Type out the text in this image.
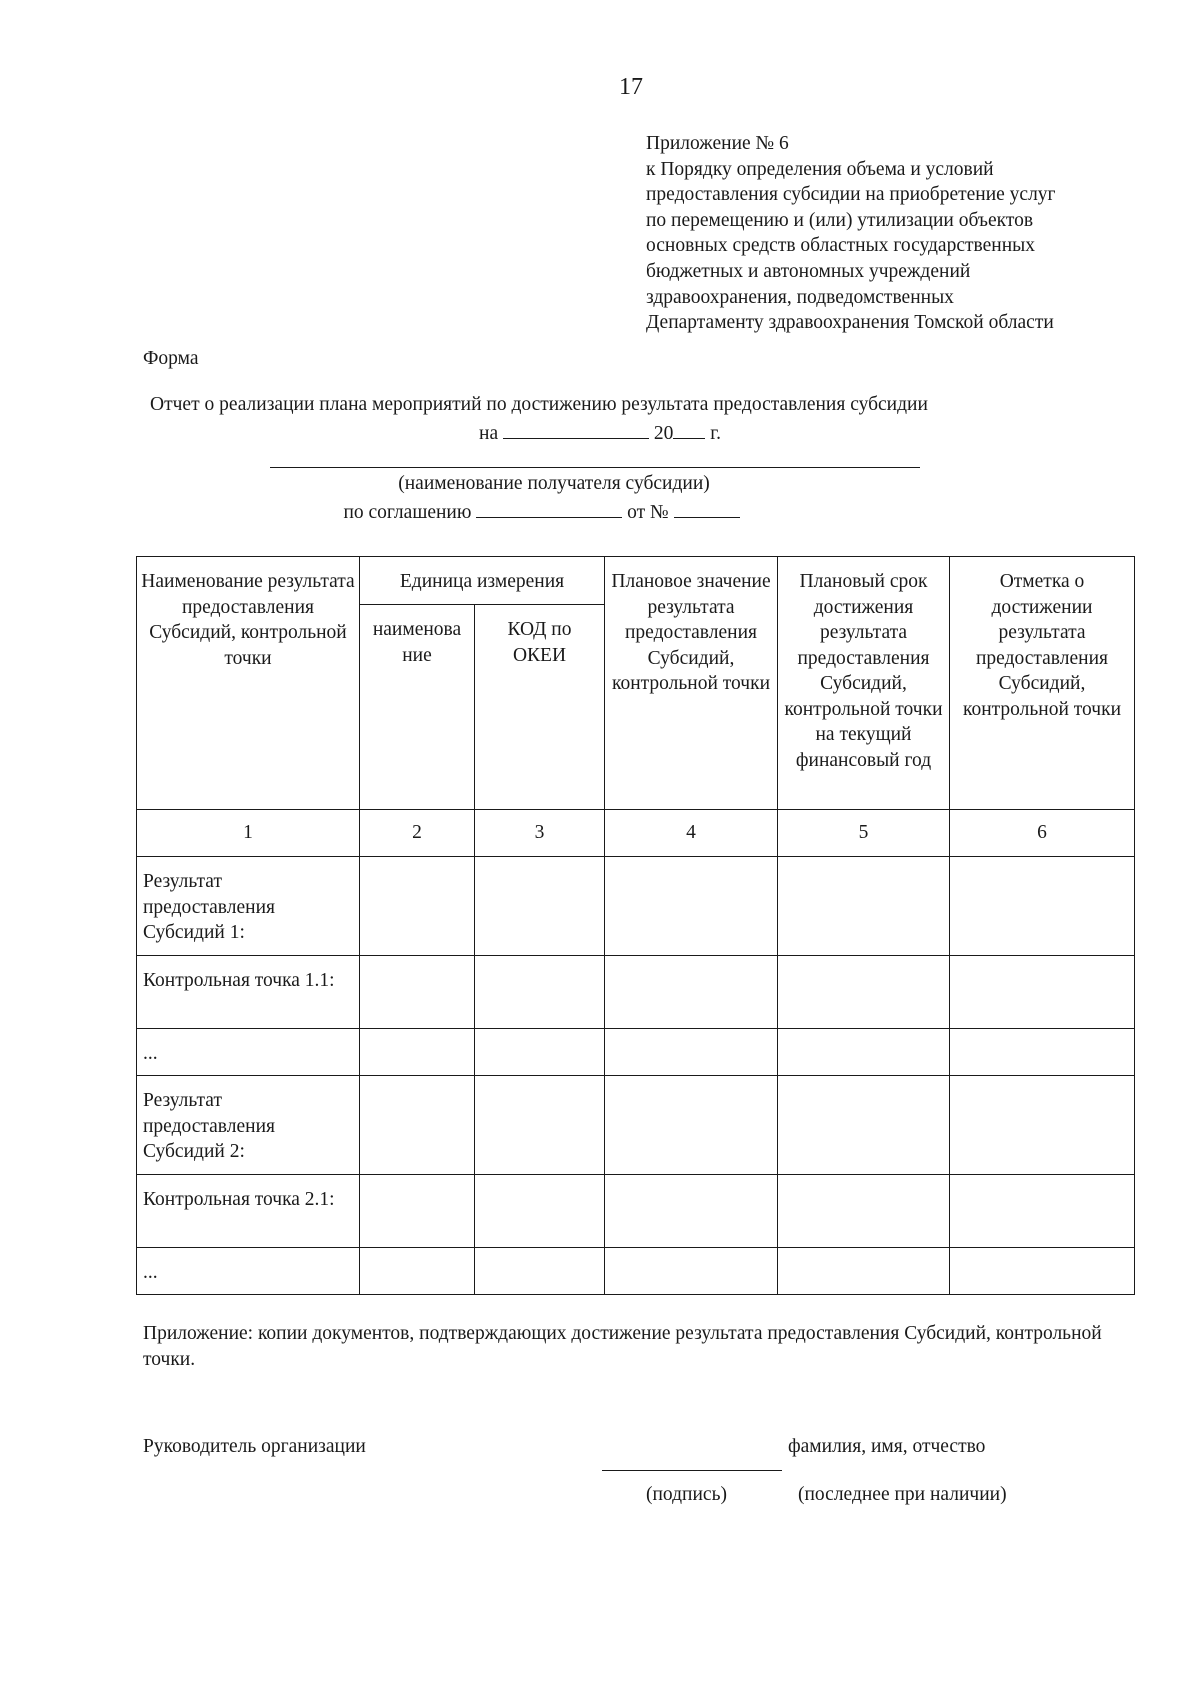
17
Приложение № 6
к Порядку определения объема и условий
предоставления субсидии на приобретение услуг
по перемещению и (или) утилизации объектов
основных средств областных государственных
бюджетных и автономных учреждений
здравоохранения, подведомственных
Департаменту здравоохранения Томской области
Форма
Отчет о реализации плана мероприятий по достижению результата предоставления субсидии
на	20 г.
(наименование получателя субсидии)
по соглашению	от №
Наименование результата предоставления Субсидий, контрольной точки	Единица измерения		Плановое значение результата предоставления Субсидий, контрольной точки	Плановый срок достижения результата предоставления Субсидий, контрольной точки на текущий финансовый год	Отметка о достижении результата предоставления Субсидий, контрольной точки
	наименова ние	КОД по ОКЕИ			
1	2	3	4	5	6
Результат предоставления Субсидий 1:					
Контрольная точка 1.1:					
...					
Результат предоставления Субсидий 2:					
Контрольная точка 2.1:					
...					
Приложение: копии документов, подтверждающих достижение результата предоставления Субсидий, контрольной точки.
Руководитель организации	фамилия, имя, отчество
(подпись)	(последнее при наличии)
